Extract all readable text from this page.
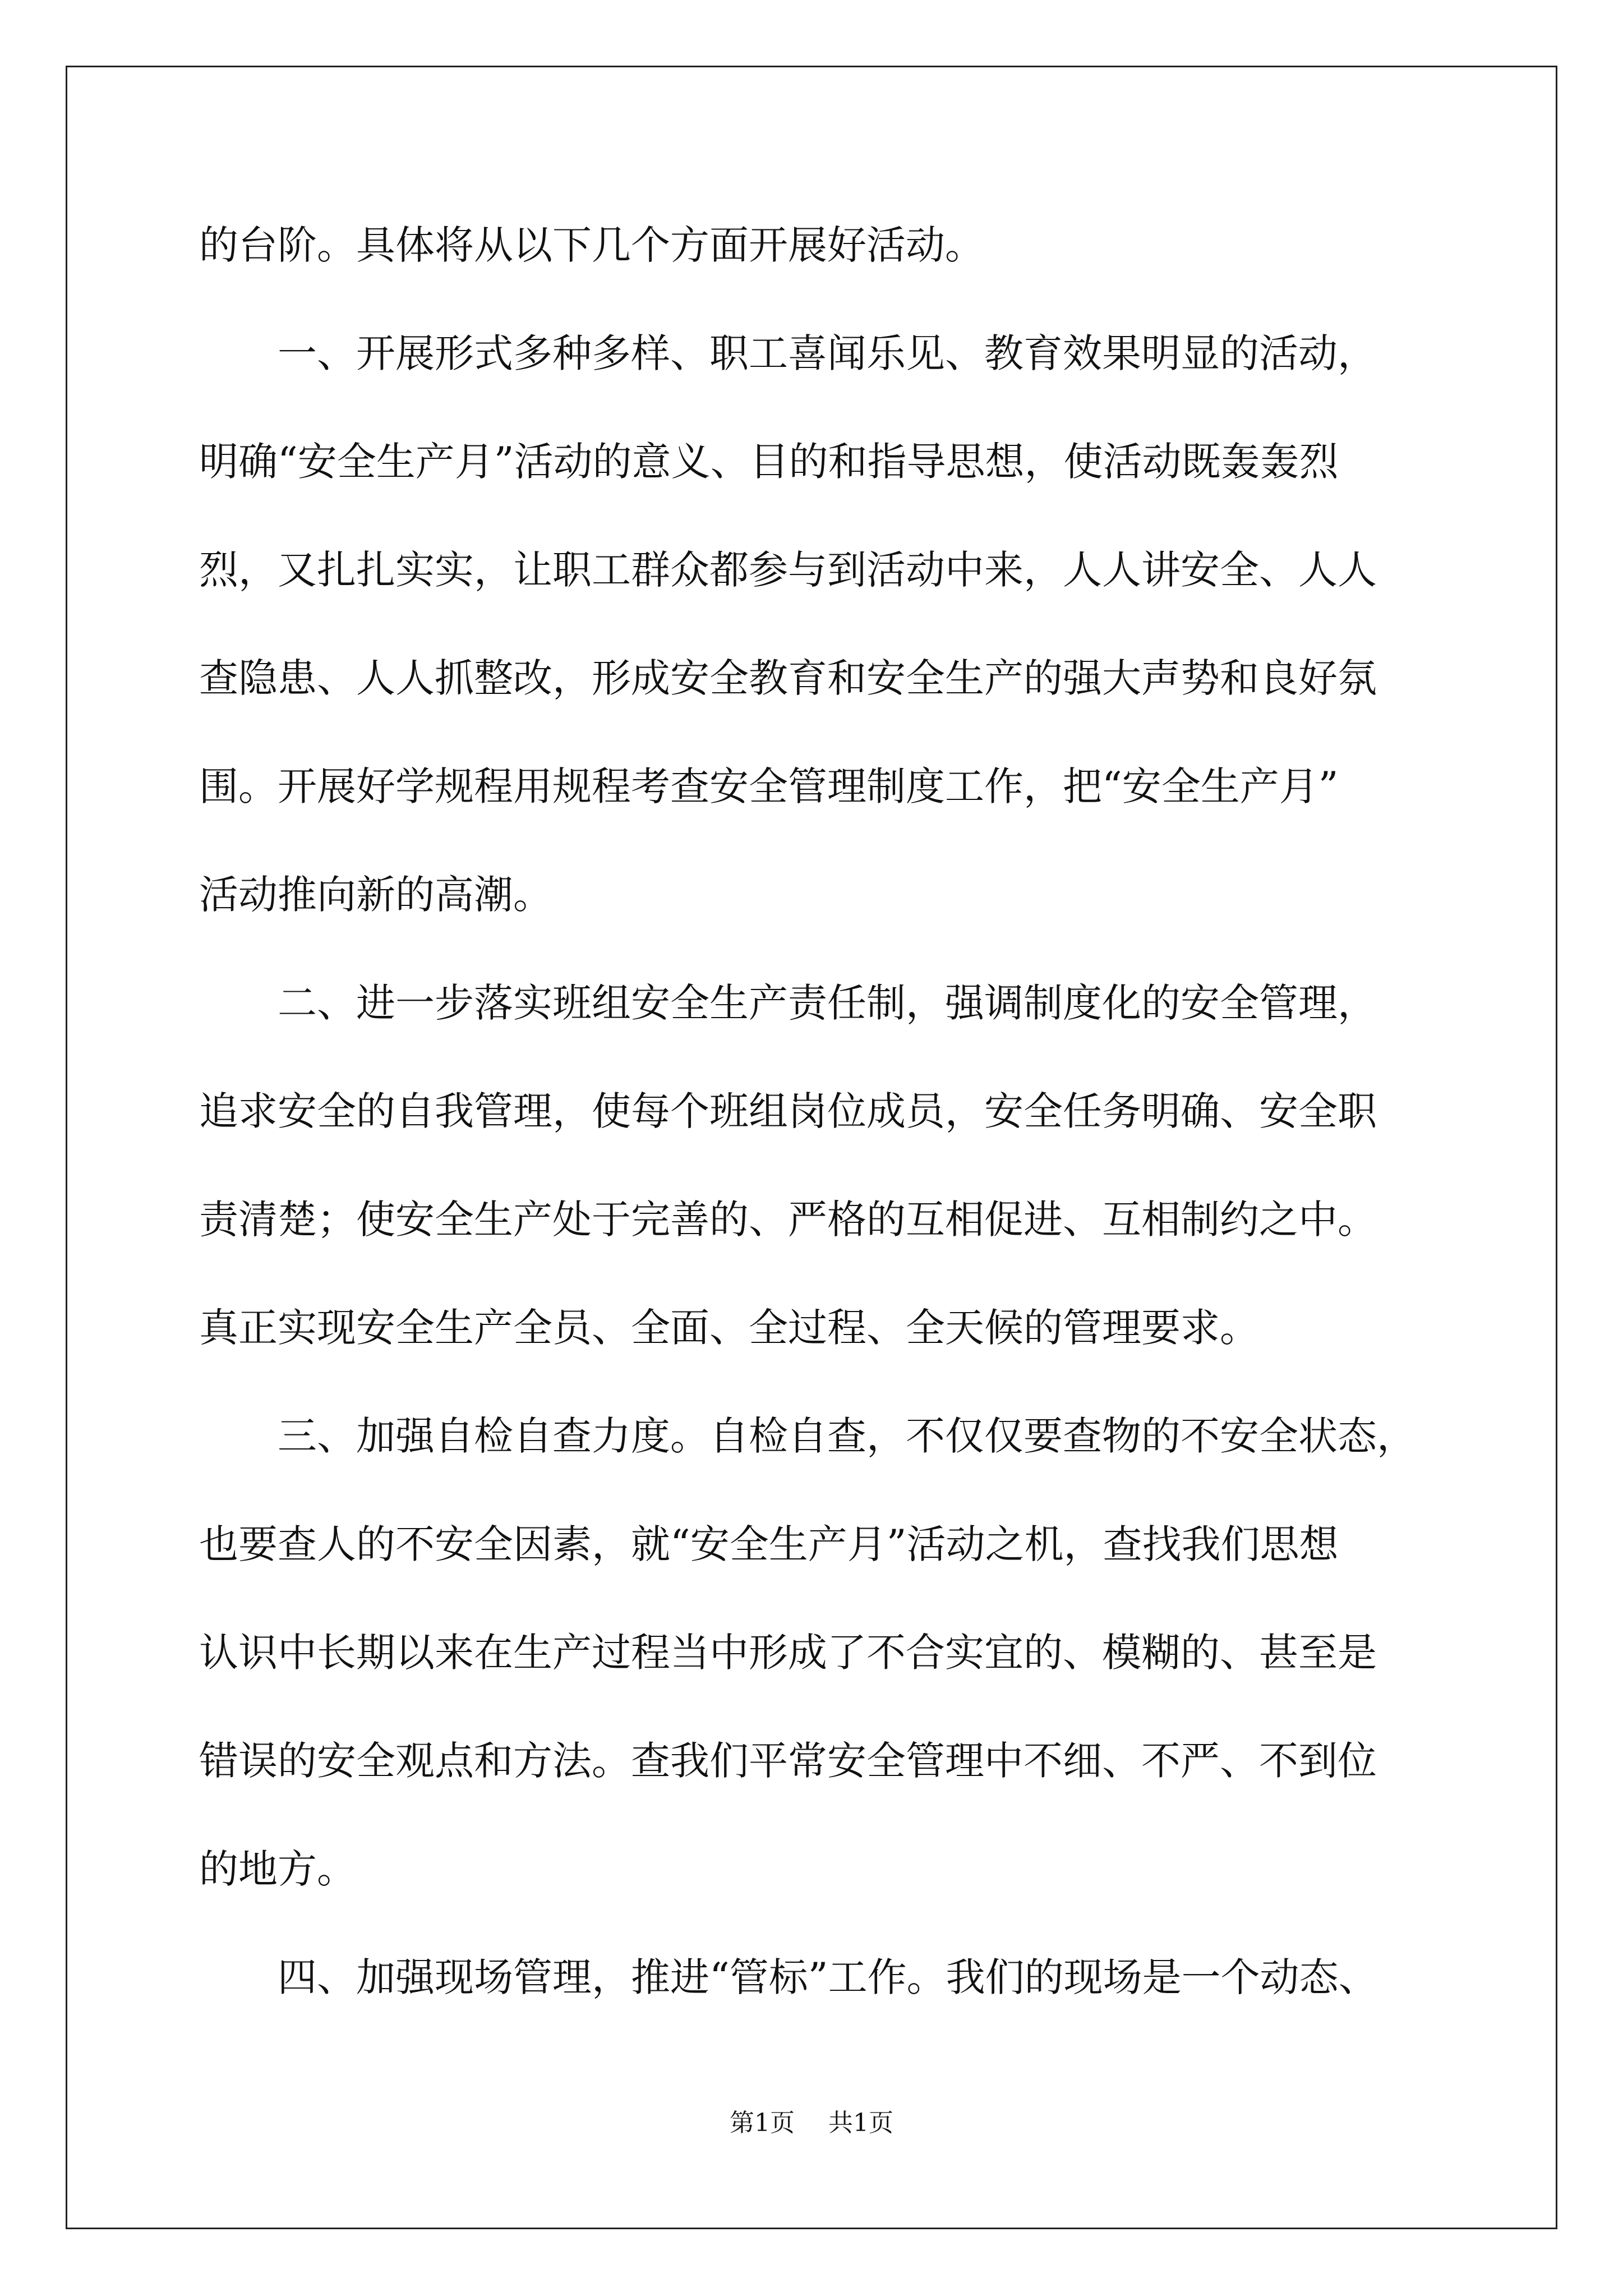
的台阶。具体将从以下几个方面开展好活动。

　　一、开展形式多种多样、职工喜闻乐见、教育效果明显的活动，

明确“安全生产月”活动的意义、目的和指导思想，使活动既轰轰烈

烈，又扎扎实实，让职工群众都参与到活动中来，人人讲安全、人人

查隐患、人人抓整改，形成安全教育和安全生产的强大声势和良好氛

围。开展好学规程用规程考查安全管理制度工作，把“安全生产月”

活动推向新的高潮。

　　二、进一步落实班组安全生产责任制，强调制度化的安全管理，

追求安全的自我管理，使每个班组岗位成员，安全任务明确、安全职

责清楚；使安全生产处于完善的、严格的互相促进、互相制约之中。

真正实现安全生产全员、全面、全过程、全天候的管理要求。

　　三、加强自检自查力度。自检自查，不仅仅要查物的不安全状态，

也要查人的不安全因素，就“安全生产月”活动之机，查找我们思想

认识中长期以来在生产过程当中形成了不合实宜的、模糊的、甚至是

错误的安全观点和方法。查我们平常安全管理中不细、不严、不到位

的地方。

　　四、加强现场管理，推进“管标”工作。我们的现场是一个动态、

第1页 共1页
